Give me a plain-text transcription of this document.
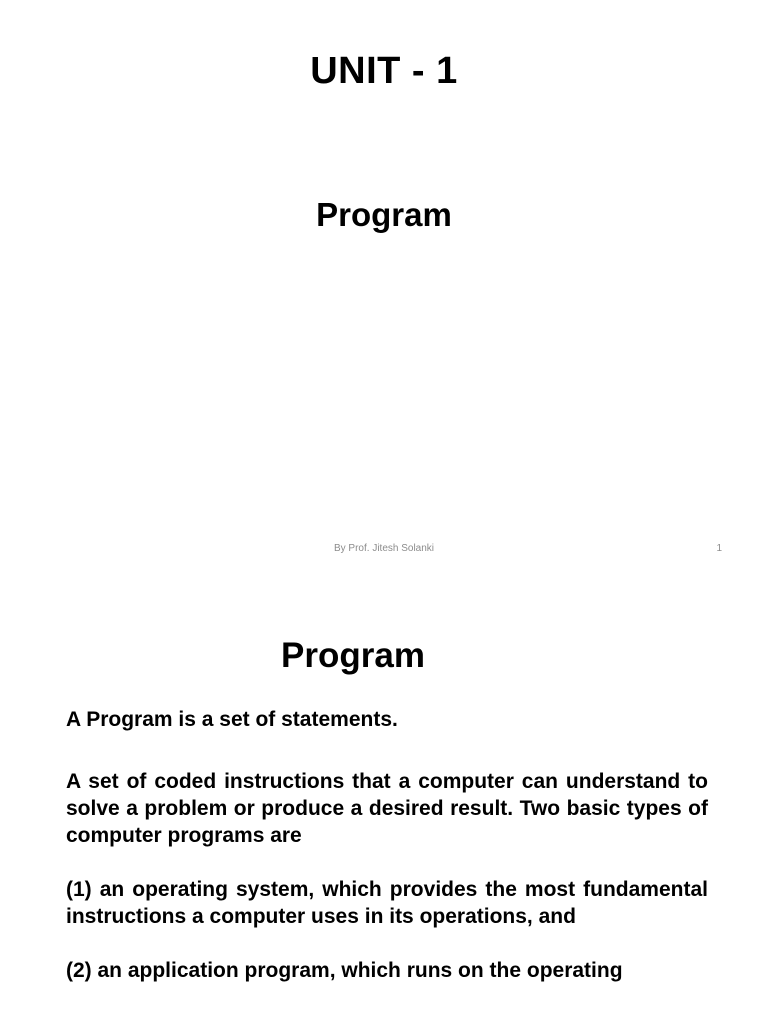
UNIT - 1
Program
By Prof. Jitesh Solanki	1
Program

A Program is a set of statements.

A set of coded instructions that a computer can understand to solve a problem or produce a desired result. Two basic types of computer programs are

(1) an operating system, which provides the most fundamental instructions a computer uses in its operations, and

(2) an application program, which runs on the operating
